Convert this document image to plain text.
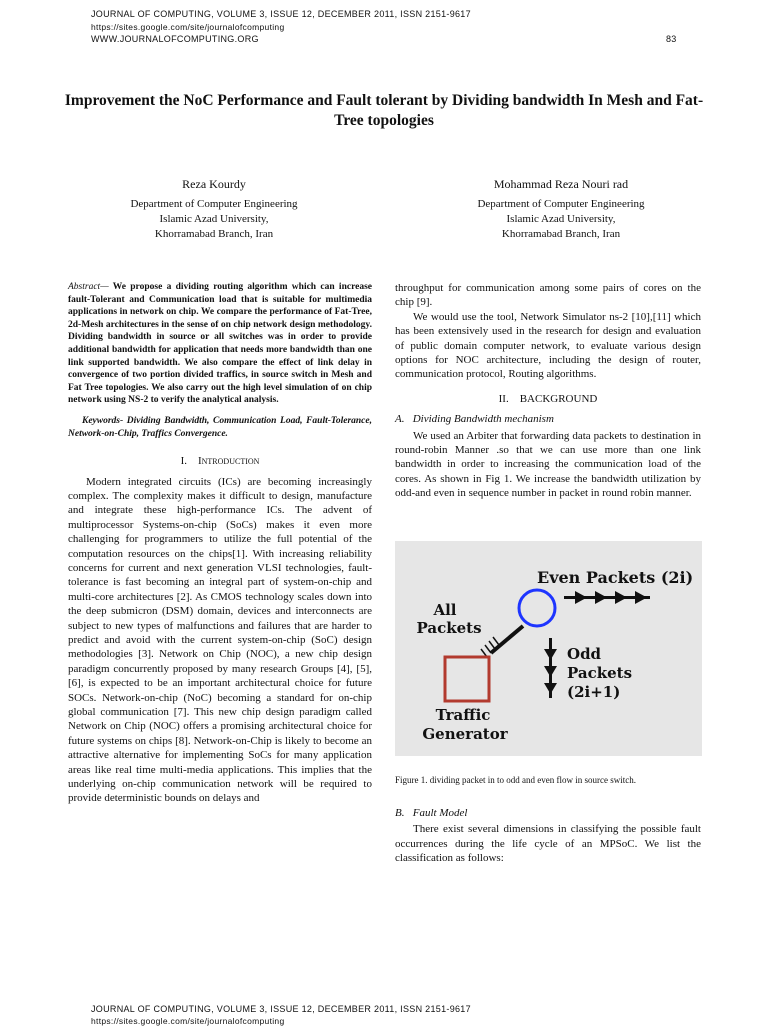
JOURNAL OF COMPUTING, VOLUME 3, ISSUE 12, DECEMBER 2011, ISSN 2151-9617
https://sites.google.com/site/journalofcomputing
WWW.JOURNALOFCOMPUTING.ORG	83
Improvement the NoC Performance and Fault tolerant by Dividing bandwidth In Mesh and Fat-Tree topologies
Reza Kourdy
Department of Computer Engineering
Islamic Azad University,
Khorramabad Branch, Iran
Mohammad Reza Nouri rad
Department of Computer Engineering
Islamic Azad University,
Khorramabad Branch, Iran

Abstract— We propose a dividing routing algorithm which can increase fault-Tolerant and Communication load that is suitable for multimedia applications in network on chip. We compare the performance of Fat-Tree, 2d-Mesh architectures in the sense of on chip network design methodology. Dividing bandwidth in source or all switches was in order to provide additional bandwidth for application that needs more bandwidth than one link supported bandwidth. We also compare the effect of link delay in convergence of two portion divided traffics, in source switch in Mesh and Fat Tree topologies. We also carry out the high level simulation of on chip network using NS-2 to verify the analytical analysis.

Keywords- Dividing Bandwidth, Communication Load, Fault-Tolerance, Network-on-Chip, Traffics Convergence.

I. Introduction

Modern integrated circuits (ICs) are becoming increasingly complex. The complexity makes it difficult to design, manufacture and integrate these high-performance ICs. The advent of multiprocessor Systems-on-chip (SoCs) makes it even more challenging for programmers to utilize the full potential of the computation resources on the chips[1]. With increasing reliability concerns for current and next generation VLSI technologies, fault-tolerance is fast becoming an integral part of system-on-chip and multi-core architectures [2]. As CMOS technology scales down into the deep submicron (DSM) domain, devices and interconnects are subject to new types of malfunctions and failures that are harder to predict and avoid with the current system-on-chip (SoC) design methodologies [3]. Network on Chip (NOC), a new chip design paradigm concurrently proposed by many research Groups [4], [5], [6], is expected to be an important architectural choice for future SOCs. Network-on-chip (NoC) becoming a standard for on-chip global communication [7]. This new chip design paradigm called Network on Chip (NOC) offers a promising architectural choice for future systems on chips [8]. Network-on-Chip is likely to become an attractive alternative for implementing SoCs for many application areas like real time multi-media applications. This implies that the underlying on-chip communication network will be required to provide deterministic bounds on delays and

throughput for communication among some pairs of cores on the chip [9].

We would use the tool, Network Simulator ns-2 [10],[11] which has been extensively used in the research for design and evaluation of public domain computer network, to evaluate various design options for NOC architecture, including the design of router, communication protocol, Routing algorithms.

II. BACKGROUND
A. Dividing Bandwidth mechanism

We used an Arbiter that forwarding data packets to destination in round-robin Manner .so that we can use more than one link bandwidth in order to increasing the communication load of the cores. As shown in Fig 1. We increase the bandwidth utilization by odd-and even in sequence number in packet in round robin manner.

Even Packets (2i)
All
Packets
Odd
Packets
(2i+1)
Traffic
Generator
Figure 1. dividing packet in to odd and even flow in source switch.
B. Fault Model

There exist several dimensions in classifying the possible fault occurrences during the life cycle of an MPSoC. We list the classification as follows:

JOURNAL OF COMPUTING, VOLUME 3, ISSUE 12, DECEMBER 2011, ISSN 2151-9617
https://sites.google.com/site/journalofcomputing
